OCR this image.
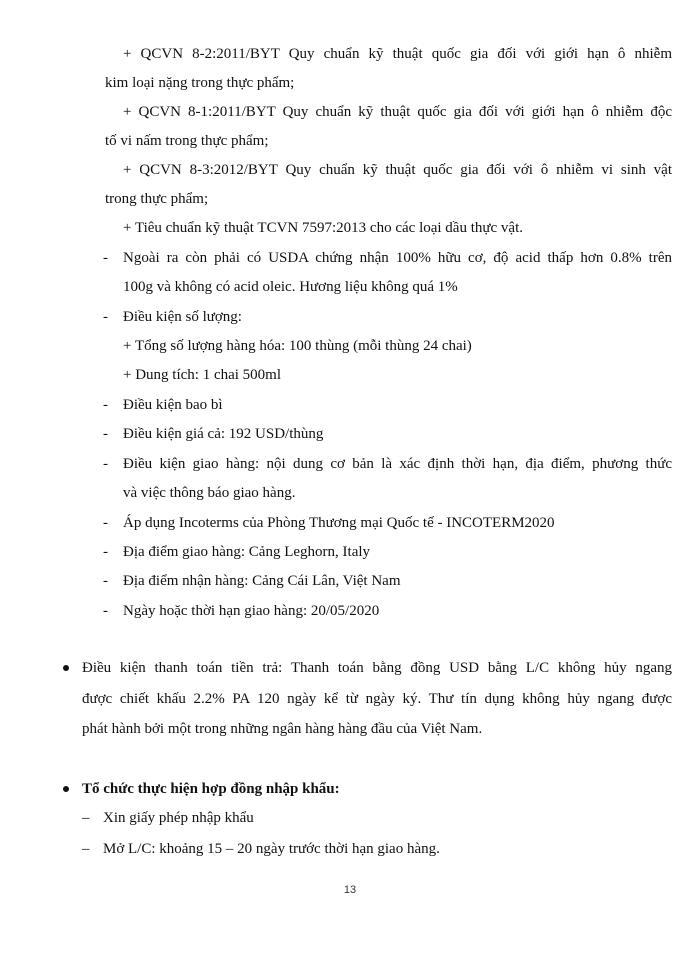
+ QCVN 8-2:2011/BYT Quy chuẩn kỹ thuật quốc gia đối với giới hạn ô nhiễm
kim loại nặng trong thực phẩm;
+ QCVN 8-1:2011/BYT Quy chuẩn kỹ thuật quốc gia đối với giới hạn ô nhiễm độc
tố vi nấm trong thực phẩm;
+ QCVN 8-3:2012/BYT Quy chuẩn kỹ thuật quốc gia đối với ô nhiễm vi sinh vật
trong thực phẩm;
+ Tiêu chuẩn kỹ thuật TCVN 7597:2013 cho các loại dầu thực vật.
- Ngoài ra còn phải có USDA chứng nhận 100% hữu cơ, độ acid thấp hơn 0.8% trên
100g và không có acid oleic. Hương liệu không quá 1%
- Điều kiện số lượng:
+ Tổng số lượng hàng hóa: 100 thùng (mỗi thùng 24 chai)
+ Dung tích: 1 chai 500ml
- Điều kiện bao bì
- Điều kiện giá cả: 192 USD/thùng
- Điều kiện giao hàng: nội dung cơ bản là xác định thời hạn, địa điểm, phương thức
và việc thông báo giao hàng.
- Áp dụng Incoterms của Phòng Thương mại Quốc tế - INCOTERM2020
- Địa điểm giao hàng: Cảng Leghorn, Italy
- Địa điểm nhận hàng: Cảng Cái Lân, Việt Nam
- Ngày hoặc thời hạn giao hàng: 20/05/2020
Điều kiện thanh toán tiền trả: Thanh toán bằng đồng USD bằng L/C không hủy ngang
được chiết khấu 2.2% PA 120 ngày kể từ ngày ký. Thư tín dụng không hủy ngang được
phát hành bởi một trong những ngân hàng hàng đầu của Việt Nam.
Tổ chức thực hiện hợp đồng nhập khẩu:
– Xin giấy phép nhập khẩu
– Mở L/C: khoảng 15 – 20 ngày trước thời hạn giao hàng.
13
